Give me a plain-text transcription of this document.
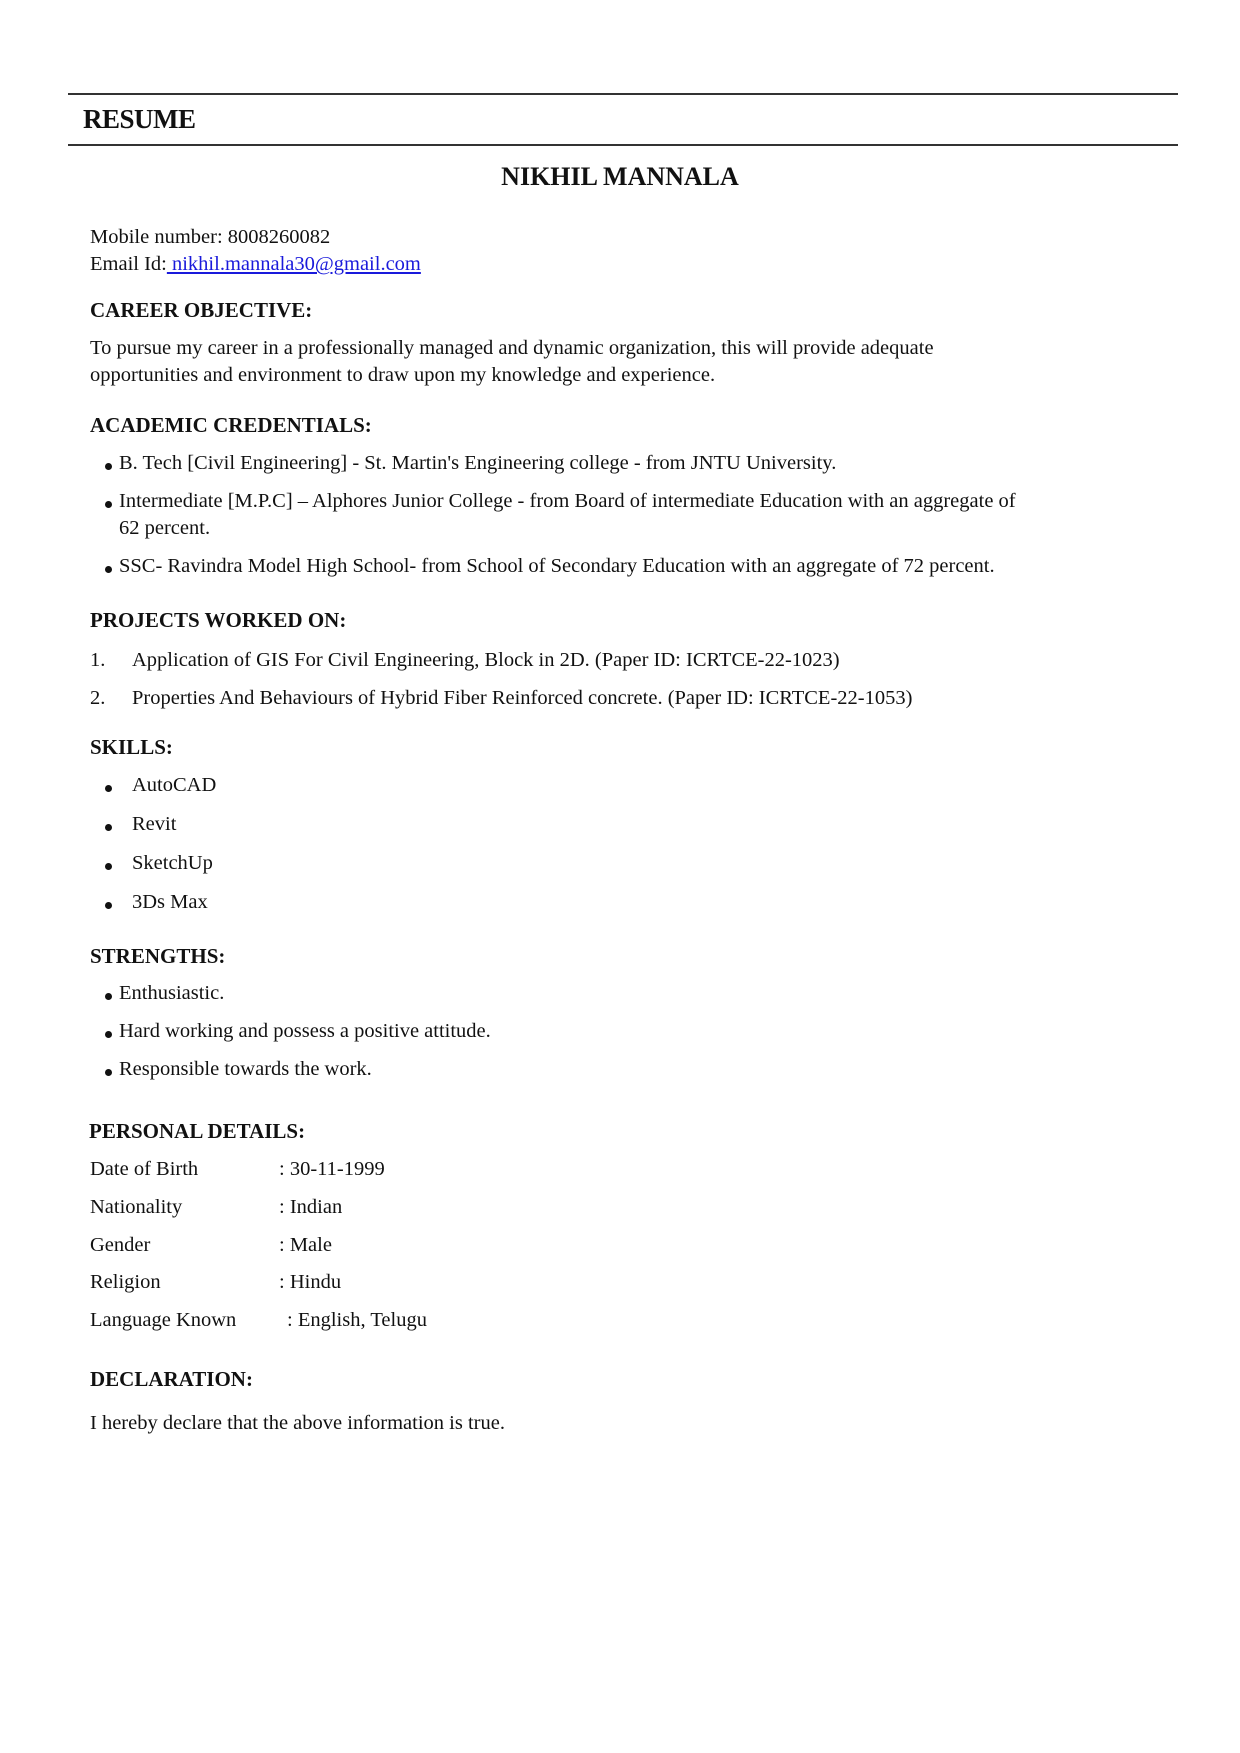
RESUME
NIKHIL MANNALA
Mobile number: 8008260082
Email Id: nikhil.mannala30@gmail.com
CAREER OBJECTIVE:
To pursue my career in a professionally managed and dynamic organization, this will provide adequate
opportunities and environment to draw upon my knowledge and experience.
ACADEMIC CREDENTIALS:
B. Tech [Civil Engineering] - St. Martin's Engineering college - from JNTU University.
Intermediate [M.P.C] – Alphores Junior College - from Board of intermediate Education with an aggregate of
62 percent.
SSC- Ravindra Model High School- from School of Secondary Education with an aggregate of 72 percent.
PROJECTS WORKED ON:
1. Application of GIS For Civil Engineering, Block in 2D. (Paper ID: ICRTCE-22-1023)
2. Properties And Behaviours of Hybrid Fiber Reinforced concrete. (Paper ID: ICRTCE-22-1053)
SKILLS:
AutoCAD
Revit
SketchUp
3Ds Max
STRENGTHS:
Enthusiastic.
Hard working and possess a positive attitude.
Responsible towards the work.
PERSONAL DETAILS:
Date of Birth	: 30-11-1999
Nationality	: Indian
Gender	: Male
Religion	: Hindu
Language Known : English, Telugu
DECLARATION:
I hereby declare that the above information is true.
